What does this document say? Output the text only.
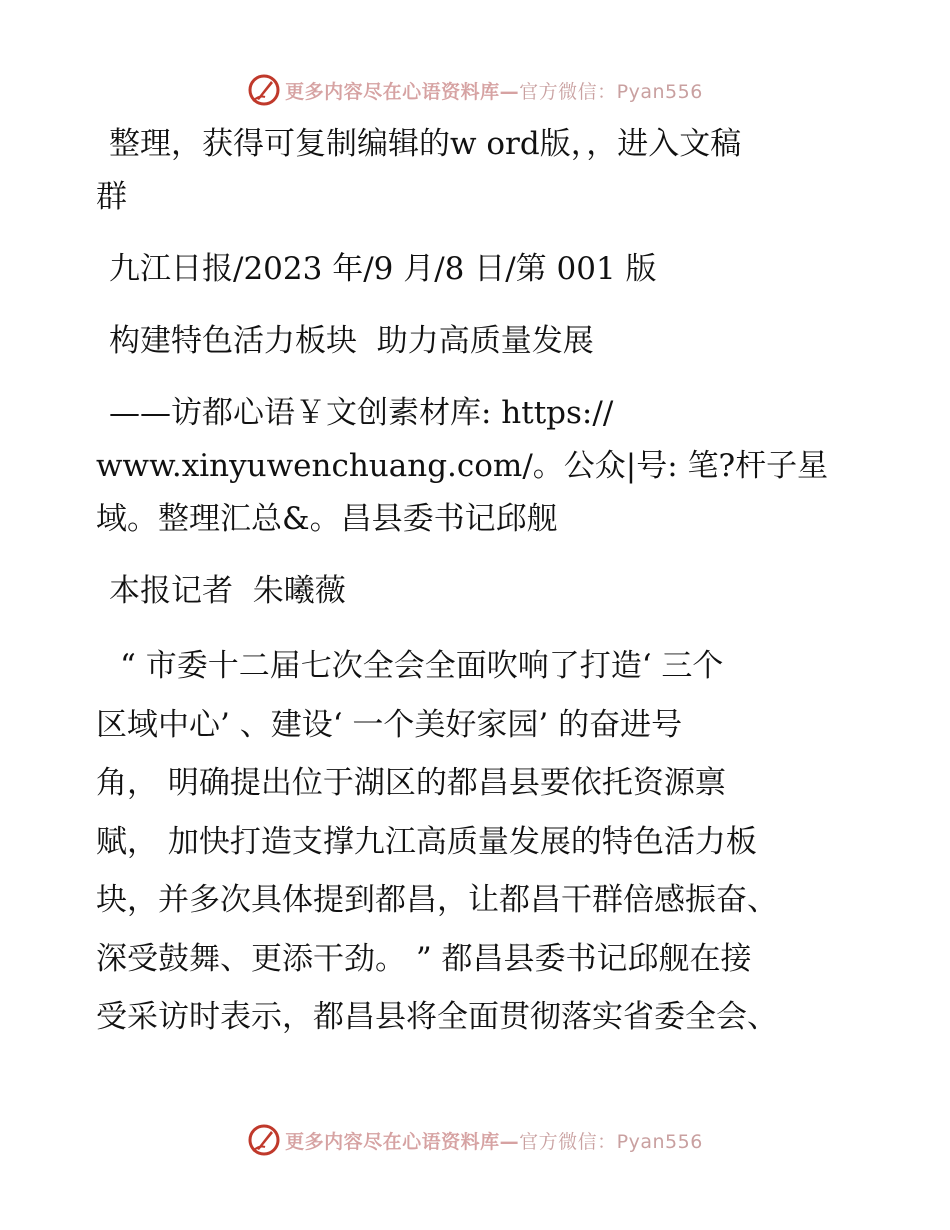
更多内容尽在心语资料库—官方微信：Pyan556

整理，获得可复制编辑的w ord版，，进入文稿
群

九江日报/2023 年/9 月/8 日/第 001 版

构建特色活力板块  助力高质量发展

——访都心语￥文创素材库: https://
www.xinyuwenchuang.com/。公众|号: 笔?杆子星
域。整理汇总&。昌县委书记邱舰

本报记者  朱曦薇

“ 市委十二届七次全会全面吹响了打造‘ 三个
区域中心’ 、建设‘ 一个美好家园’ 的奋进号
角， 明确提出位于湖区的都昌县要依托资源禀
赋， 加快打造支撑九江高质量发展的特色活力板
块，并多次具体提到都昌，让都昌干群倍感振奋、
深受鼓舞、更添干劲。 ” 都昌县委书记邱舰在接
受采访时表示，都昌县将全面贯彻落实省委全会、

更多内容尽在心语资料库—官方微信：Pyan556
